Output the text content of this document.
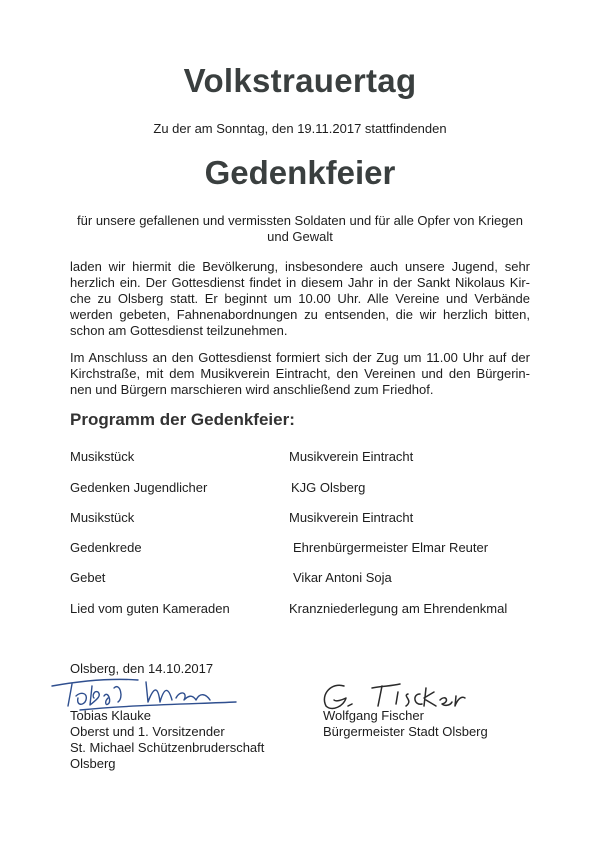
Volkstrauertag
Zu der am Sonntag, den 19.11.2017 stattfindenden
Gedenkfeier
für unsere gefallenen und vermissten Soldaten und für alle Opfer von Kriegen und Gewalt
laden wir hiermit die Bevölkerung, insbesondere auch unsere Jugend, sehr herzlich ein. Der Gottesdienst findet in diesem Jahr in der Sankt Nikolaus Kir-che zu Olsberg statt. Er beginnt um 10.00 Uhr. Alle Vereine und Verbände werden gebeten, Fahnenabordnungen zu entsenden, die wir herzlich bitten, schon am Gottesdienst teilzunehmen.
Im Anschluss an den Gottesdienst formiert sich der Zug um 11.00 Uhr auf der Kirchstraße, mit dem Musikverein Eintracht, den Vereinen und den Bürgerin-nen und Bürgern marschieren wird anschließend zum Friedhof.
Programm der Gedenkfeier:
Musikstück	Musikverein Eintracht
Gedenken Jugendlicher	KJG Olsberg
Musikstück	Musikverein Eintracht
Gedenkrede	Ehrenbürgermeister Elmar Reuter
Gebet	Vikar Antoni Soja
Lied vom guten Kameraden	Kranzniederlegung am Ehrendenkmal
Olsberg, den 14.10.2017
Tobias Klauke
Oberst und 1. Vorsitzender
St. Michael Schützenbruderschaft
Olsberg
Wolfgang Fischer
Bürgermeister Stadt Olsberg
